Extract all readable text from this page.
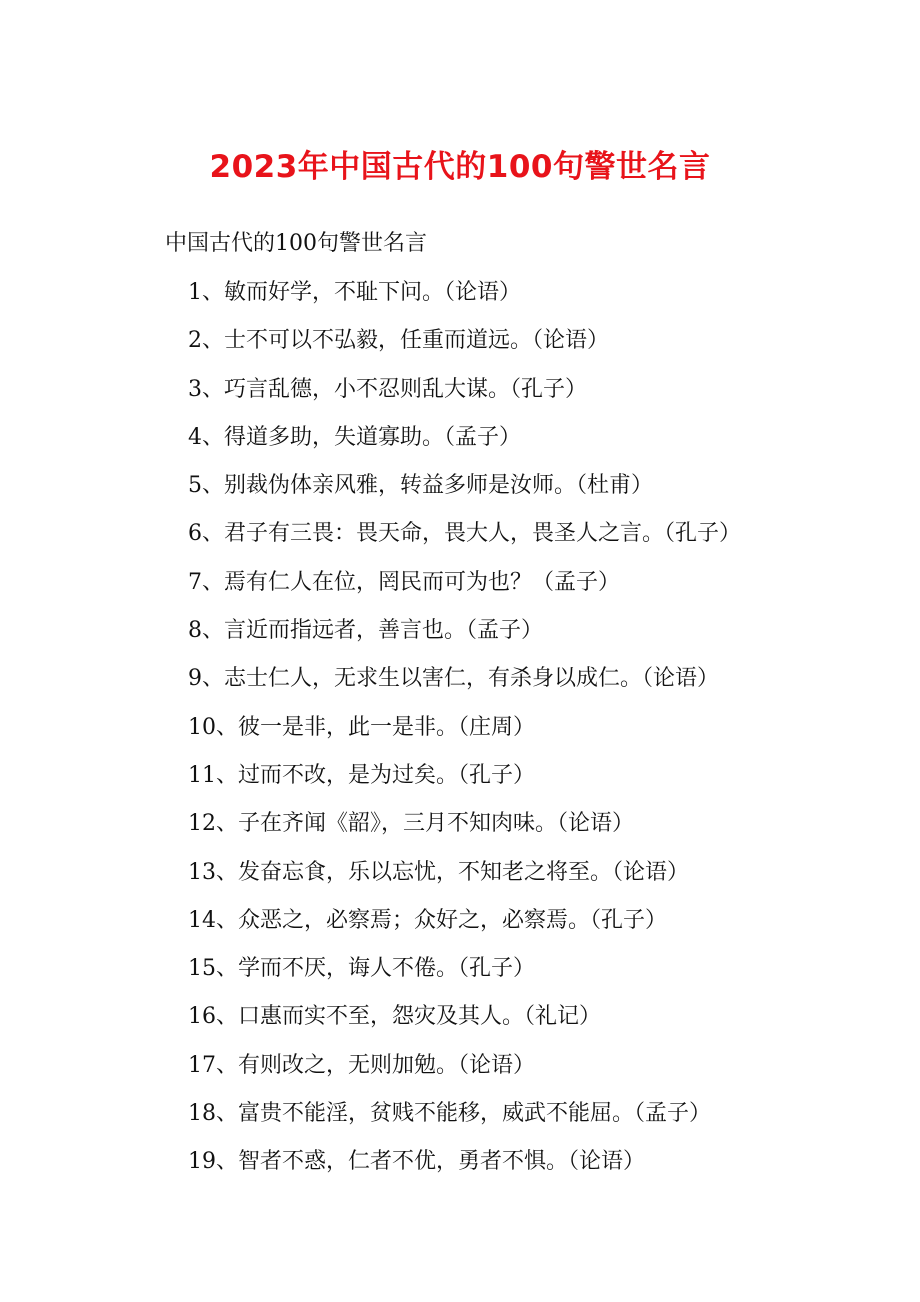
2023年中国古代的100句警世名言
中国古代的100句警世名言
1、敏而好学，不耻下问。（论语）
2、士不可以不弘毅，任重而道远。（论语）
3、巧言乱德，小不忍则乱大谋。（孔子）
4、得道多助，失道寡助。（孟子）
5、别裁伪体亲风雅，转益多师是汝师。（杜甫）
6、君子有三畏：畏天命，畏大人，畏圣人之言。（孔子）
7、焉有仁人在位，罔民而可为也？（孟子）
8、言近而指远者，善言也。（孟子）
9、志士仁人，无求生以害仁，有杀身以成仁。（论语）
10、彼一是非，此一是非。（庄周）
11、过而不改，是为过矣。（孔子）
12、子在齐闻《韶》，三月不知肉味。（论语）
13、发奋忘食，乐以忘忧，不知老之将至。（论语）
14、众恶之，必察焉；众好之，必察焉。（孔子）
15、学而不厌，诲人不倦。（孔子）
16、口惠而实不至，怨灾及其人。（礼记）
17、有则改之，无则加勉。（论语）
18、富贵不能淫，贫贱不能移，威武不能屈。（孟子）
19、智者不惑，仁者不优，勇者不惧。（论语）
